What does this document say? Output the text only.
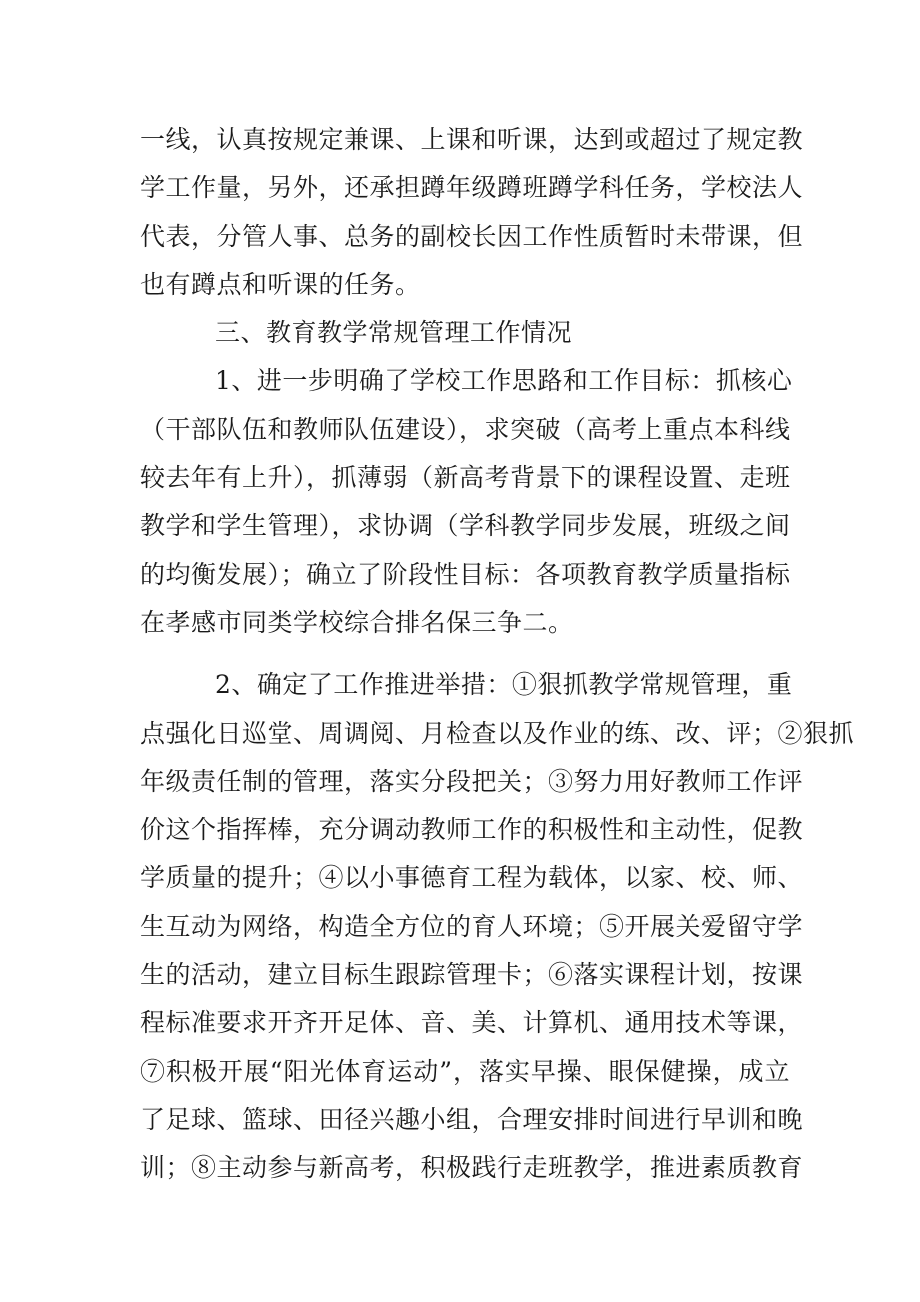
一线，认真按规定兼课、上课和听课，达到或超过了规定教
学工作量，另外，还承担蹲年级蹲班蹲学科任务，学校法人
代表，分管人事、总务的副校长因工作性质暂时未带课，但
也有蹲点和听课的任务。
三、教育教学常规管理工作情况
1、进一步明确了学校工作思路和工作目标：抓核心
（干部队伍和教师队伍建设），求突破（高考上重点本科线
较去年有上升），抓薄弱（新高考背景下的课程设置、走班
教学和学生管理），求协调（学科教学同步发展，班级之间
的均衡发展）；确立了阶段性目标：各项教育教学质量指标
在孝感市同类学校综合排名保三争二。
2、确定了工作推进举措：①狠抓教学常规管理，重
点强化日巡堂、周调阅、月检查以及作业的练、改、评；②狠抓
年级责任制的管理，落实分段把关；③努力用好教师工作评
价这个指挥棒，充分调动教师工作的积极性和主动性，促教
学质量的提升；④以小事德育工程为载体，以家、校、师、
生互动为网络，构造全方位的育人环境；⑤开展关爱留守学
生的活动，建立目标生跟踪管理卡；⑥落实课程计划，按课
程标准要求开齐开足体、音、美、计算机、通用技术等课，
⑦积极开展“阳光体育运动”，落实早操、眼保健操，成立
了足球、篮球、田径兴趣小组，合理安排时间进行早训和晚
训；⑧主动参与新高考，积极践行走班教学，推进素质教育
